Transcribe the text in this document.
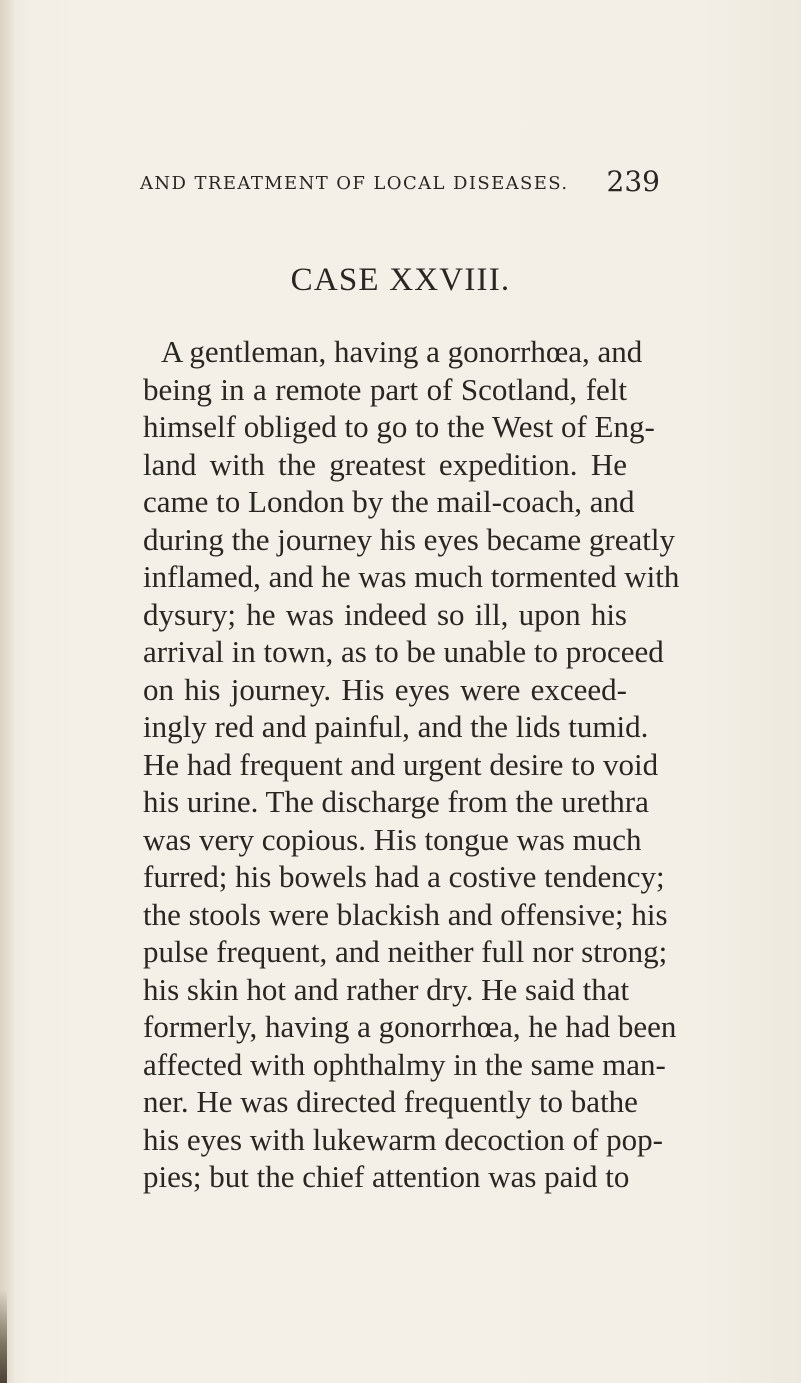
AND TREATMENT OF LOCAL DISEASES. 239
CASE XXVIII.
A gentleman, having a gonorrhœa, and
being in a remote part of Scotland, felt
himself obliged to go to the West of Eng-
land with the greatest expedition. He
came to London by the mail-coach, and
during the journey his eyes became greatly
inflamed, and he was much tormented with
dysury; he was indeed so ill, upon his
arrival in town, as to be unable to proceed
on his journey. His eyes were exceed-
ingly red and painful, and the lids tumid.
He had frequent and urgent desire to void
his urine. The discharge from the urethra
was very copious. His tongue was much
furred; his bowels had a costive tendency;
the stools were blackish and offensive; his
pulse frequent, and neither full nor strong;
his skin hot and rather dry. He said that
formerly, having a gonorrhœa, he had been
affected with ophthalmy in the same man-
ner. He was directed frequently to bathe
his eyes with lukewarm decoction of pop-
pies; but the chief attention was paid to
